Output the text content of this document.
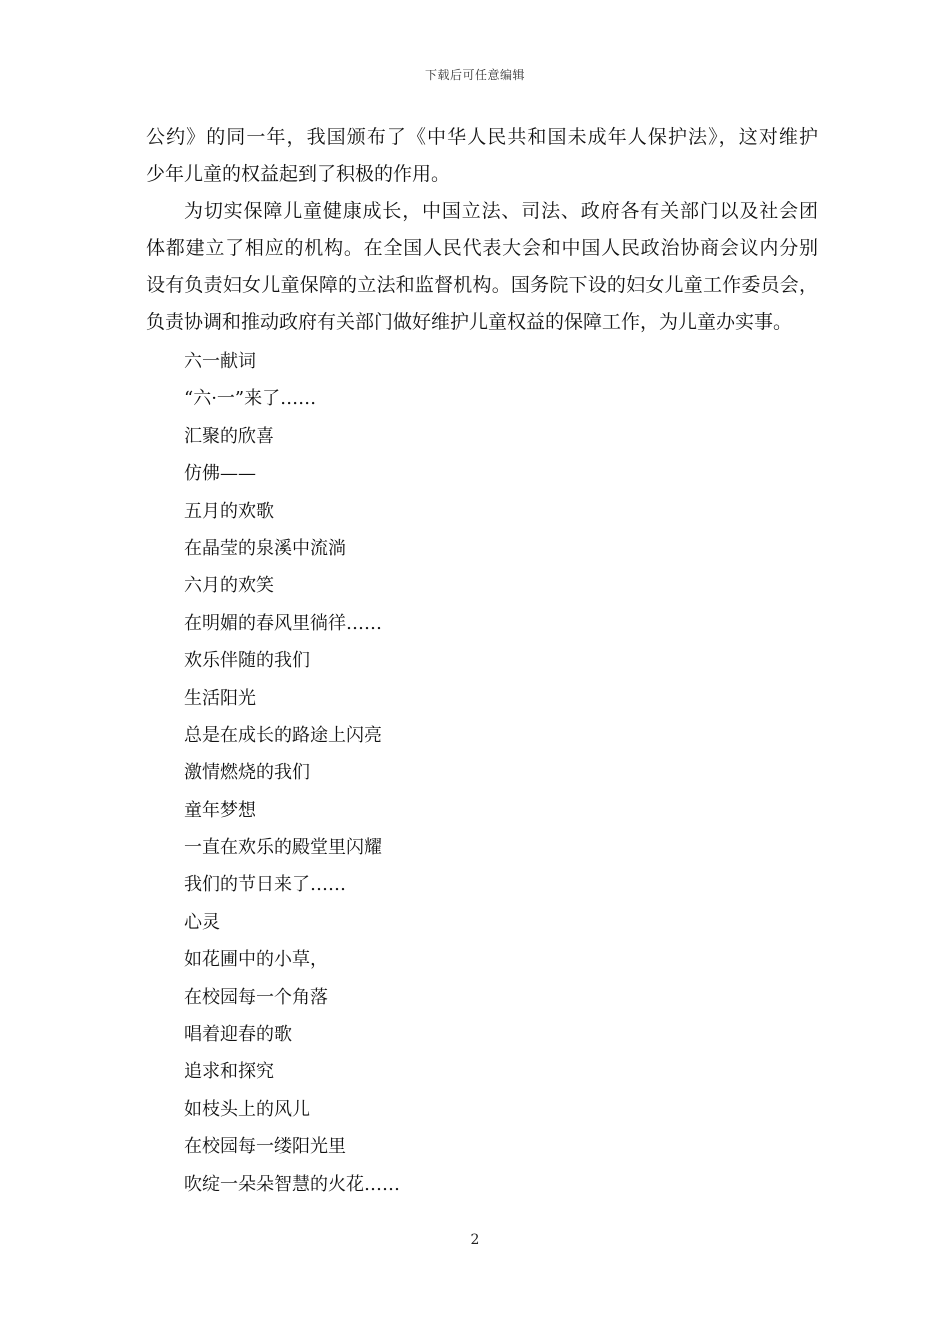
下载后可任意编辑
公约》的同一年，我国颁布了《中华人民共和国未成年人保护法》，这对维护
少年儿童的权益起到了积极的作用。
为切实保障儿童健康成长，中国立法、司法、政府各有关部门以及社会团
体都建立了相应的机构。在全国人民代表大会和中国人民政治协商会议内分别
设有负责妇女儿童保障的立法和监督机构。国务院下设的妇女儿童工作委员会，
负责协调和推动政府有关部门做好维护儿童权益的保障工作，为儿童办实事。
六一献词
“六·一”来了……
汇聚的欣喜
仿佛——
五月的欢歌
在晶莹的泉溪中流淌
六月的欢笑
在明媚的春风里徜徉……
欢乐伴随的我们
生活阳光
总是在成长的路途上闪亮
激情燃烧的我们
童年梦想
一直在欢乐的殿堂里闪耀
我们的节日来了……
心灵
如花圃中的小草，
在校园每一个角落
唱着迎春的歌
追求和探究
如枝头上的风儿
在校园每一缕阳光里
吹绽一朵朵智慧的火花……
2
